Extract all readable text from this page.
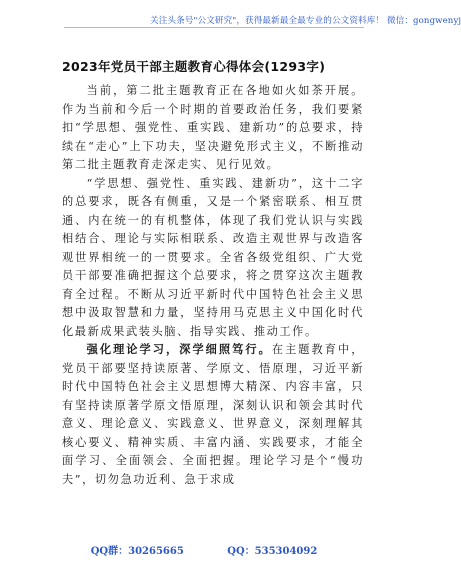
关注头条号"公文研究"，获得最新最全最专业的公文资料库！ 微信：gongwenyj
2023年党员干部主题教育心得体会(1293字)

当前，第二批主题教育正在各地如火如茶开展。作为当前和今后一个时期的首要政治任务，我们要紧扣“学思想、强党性、重实践、建新功”的总要求，持续在“走心”上下功夫，坚决避免形式主义，不断推动第二批主题教育走深走实、见行见效。

“学思想、强党性、重实践、建新功”，这十二字的总要求，既各有侧重，又是一个紧密联系、相互贯通、内在统一的有机整体，体现了我们党认识与实践相结合、理论与实际相联系、改造主观世界与改造客观世界相统一的一贯要求。全省各级党组织、广大党员干部要准确把握这个总要求，将之贯穿这次主题教育全过程。不断从习近平新时代中国特色社会主义思想中汲取智慧和力量，坚持用马克思主义中国化时代化最新成果武装头脑、指导实践、推动工作。

强化理论学习，深学细照笃行。在主题教育中，党员干部要坚持读原著、学原文、悟原理，习近平新时代中国特色社会主义思想博大精深、内容丰富，只有坚持读原著学原文悟原理，深刻认识和领会其时代意义、理论意义、实践意义、世界意义，深刻理解其核心要义、精神实质、丰富内涵、实践要求，才能全面学习、全面领会、全面把握。理论学习是个“慢功夫”，切勿急功近利、急于求成

QQ群：30265665	QQ：535304092
